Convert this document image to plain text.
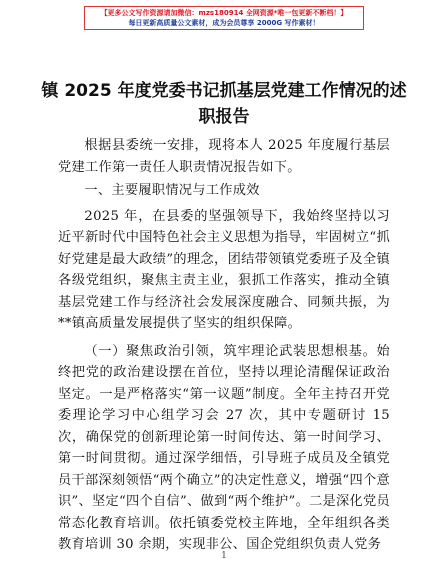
【更多公文写作资源请加微信：mzs180914 全网资源*唯一包更新不断档！】
每日更新高质量公文素材，成为会员尊享 2000G 写作素材！
镇 2025 年度党委书记抓基层党建工作情况的述职报告

根据县委统一安排，现将本人 2025 年度履行基层党建工作第一责任人职责情况报告如下。

一、主要履职情况与工作成效

2025 年，在县委的坚强领导下，我始终坚持以习近平新时代中国特色社会主义思想为指导，牢固树立“抓好党建是最大政绩”的理念，团结带领镇党委班子及全镇各级党组织，聚焦主责主业，狠抓工作落实，推动全镇基层党建工作与经济社会发展深度融合、同频共振，为**镇高质量发展提供了坚实的组织保障。

（一）聚焦政治引领，筑牢理论武装思想根基。始终把党的政治建设摆在首位，坚持以理论清醒保证政治坚定。一是严格落实“第一议题”制度。全年主持召开党委理论学习中心组学习会 27 次，其中专题研讨 15 次，确保党的创新理论第一时间传达、第一时间学习、第一时间贯彻。通过深学细悟，引导班子成员及全镇党员干部深刻领悟“两个确立”的决定性意义，增强“四个意识”、坚定“四个自信”、做到“两个维护”。二是深化党员常态化教育培训。依托镇委党校主阵地，全年组织各类教育培训 30 余期，实现非公、国企党组织负责人党务

1
